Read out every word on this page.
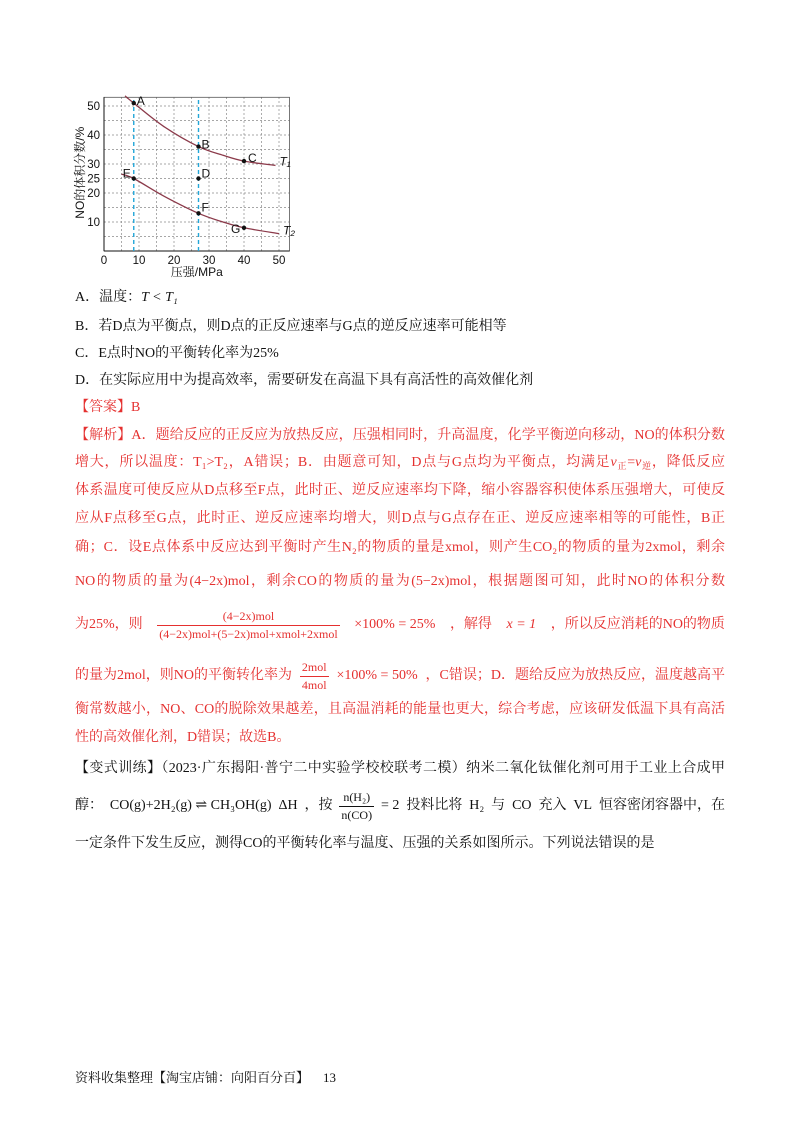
T₁
T₂
A
B
C
D
E
F
G
10
20
25
30
40
50
0 10 20 30 40 50
压强/MPa
NO的体积分数/%
A．温度：T < T₁
B．若D点为平衡点，则D点的正反应速率与G点的逆反应速率可能相等
C．E点时NO的平衡转化率为25%
D．在实际应用中为提高效率，需要研发在高温下具有高活性的高效催化剂
【答案】B
【解析】A．题给反应的正反应为放热反应，压强相同时，升高温度，化学平衡逆向移动，NO的体积分数
增大，所以温度：T₁>T₂，A错误；B．由题意可知，D点与G点均为平衡点，均满足$v_正=v_逆$，降低反应
体系温度可使反应从D点移至F点，此时正、逆反应速率均下降，缩小容器容积使体系压强增大，可使反
应从F点移至G点，此时正、逆反应速率均增大，则D点与G点存在正、逆反应速率相等的可能性，B正
确；C．设E点体系中反应达到平衡时产生N₂的物质的量是xmol，则产生CO₂的物质的量为2xmol，剩余
NO的物质的量为(4−2x)mol，剩余CO的物质的量为(5−2x)mol，根据题图可知，此时NO的体积分数
为25%，则 $\frac{\text{(4−2x)mol}}{\text{(4−2x)mol+(5−2x)mol+xmol+2xmol}} \times 100\% = 25\%$ ，解得 x = 1 ，所以反应消耗的NO的物质
的量为2mol，则NO的平衡转化率为 $\frac{\text{2mol}}{\text{4mol}} \times 100\% = 50\%$ ，C错误；D．题给反应为放热反应，温度越高平
衡常数越小，NO、CO的脱除效果越差，且高温消耗的能量也更大，综合考虑，应该研发低温下具有高活
性的高效催化剂，D错误；故选B。
【变式训练】（2023·广东揭阳·普宁二中实验学校校联考二模）纳米二氧化钛催化剂可用于工业上合成甲
醇： CO(g)+2H₂(g) ⇌ CH₃OH(g) ΔH ，按 $\frac{\text{n(H₂)}}{n(CO)} = 2$ 投料比将 H₂ 与 CO 充入 VL 恒容密闭容器中，在
一定条件下发生反应，测得CO的平衡转化率与温度、压强的关系如图所示。下列说法错误的是
资料收集整理【淘宝店铺：向阳百分百】 13
